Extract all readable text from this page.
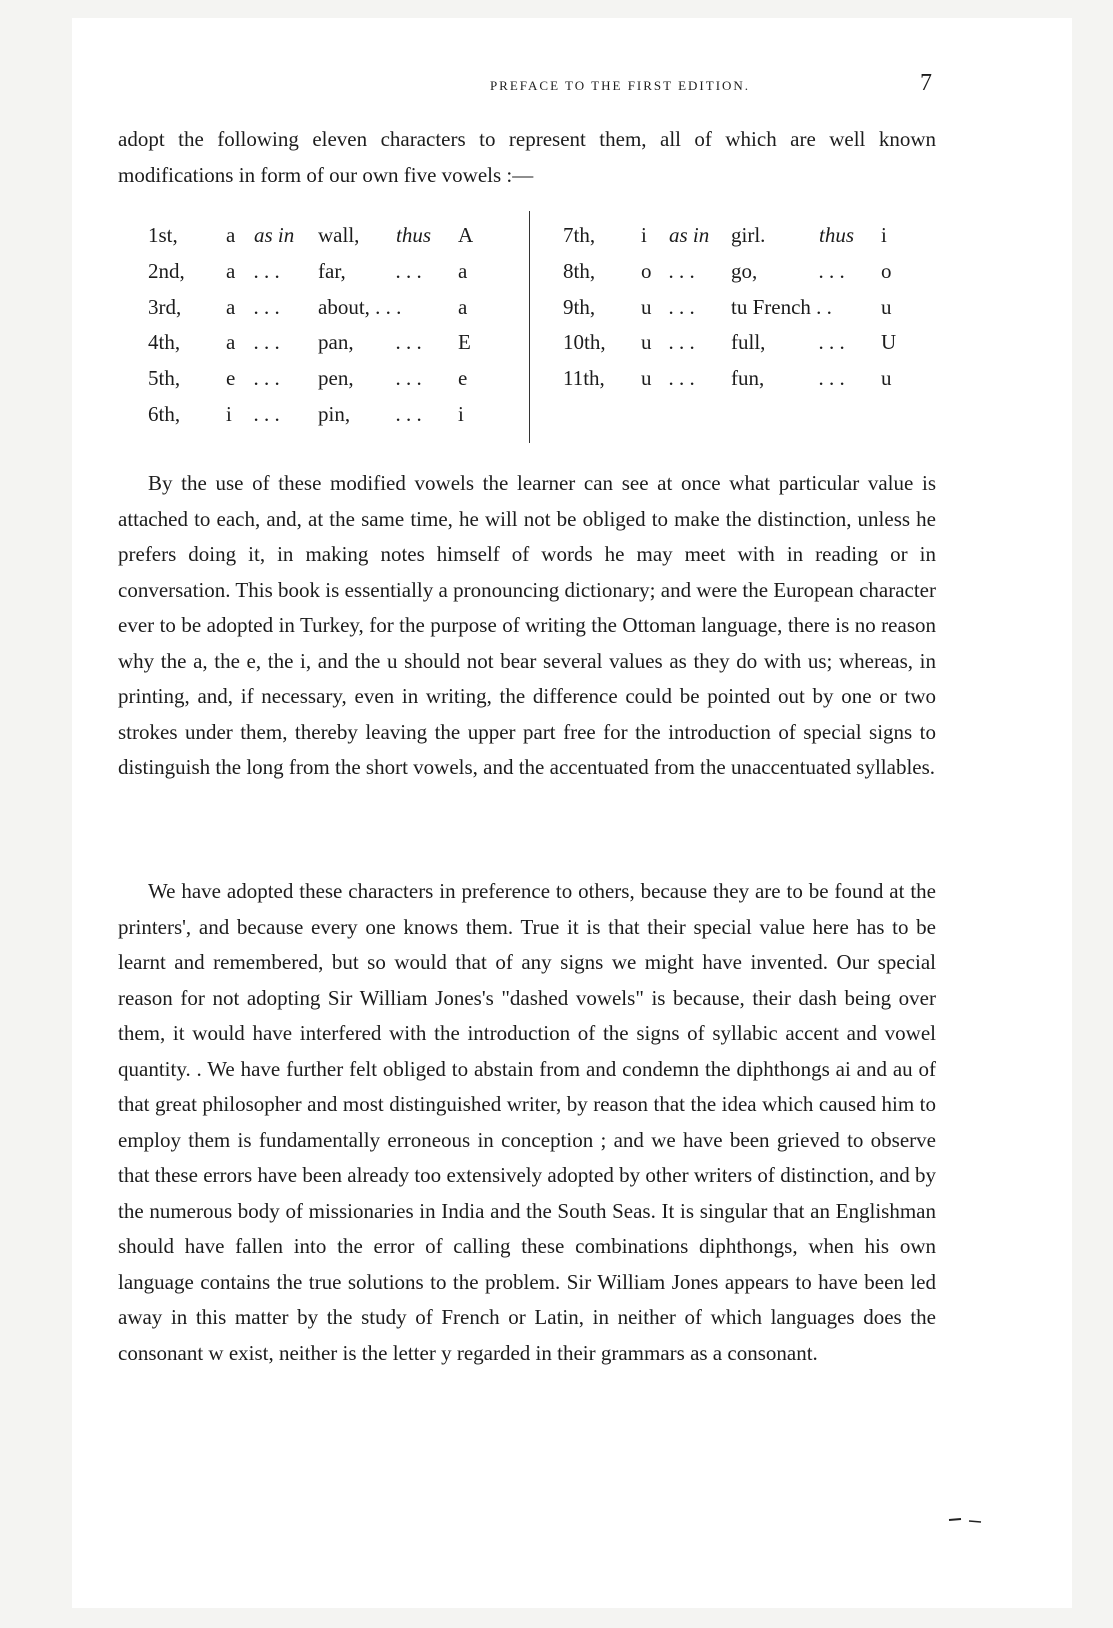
PREFACE TO THE FIRST EDITION.	7

adopt the following eleven characters to represent them, all of which are well known modifications in form of our own five vowels :—

1st, a as in wall, thus A
2nd, a . . . far, . . . a
3rd, a . . . about, . . .	a
4th, a . . . pan, . . . E
5th, e . . . pen, . . . e
6th, i . . . pin, . . . i
7th, i as in girl.	thus i
8th, o . . . go,	. . . o
9th, u . . . tu French . . u
10th, u . . . full,	. . . U
11th, u . . . fun,	. . . u

By the use of these modified vowels the learner can see at once what particular value is attached to each, and, at the same time, he will not be obliged to make the distinction, unless he prefers doing it, in making notes himself of words he may meet with in reading or in conversation. This book is essentially a pronouncing dictionary; and were the European character ever to be adopted in Turkey, for the purpose of writing the Ottoman language, there is no reason why the a, the e, the i, and the u should not bear several values as they do with us; whereas, in printing, and, if necessary, even in writing, the difference could be pointed out by one or two strokes under them, thereby leaving the upper part free for the introduction of special signs to distinguish the long from the short vowels, and the accentuated from the unaccentuated syllables.

We have adopted these characters in preference to others, because they are to be found at the printers', and because every one knows them. True it is that their special value here has to be learnt and remembered, but so would that of any signs we might have invented. Our special reason for not adopting Sir William Jones's "dashed vowels" is because, their dash being over them, it would have interfered with the introduction of the signs of syllabic accent and vowel quantity. . We have further felt obliged to abstain from and condemn the diphthongs ai and au of that great philosopher and most distinguished writer, by reason that the idea which caused him to employ them is fundamentally erroneous in conception ; and we have been grieved to observe that these errors have been already too extensively adopted by other writers of distinction, and by the numerous body of missionaries in India and the South Seas. It is singular that an Englishman should have fallen into the error of calling these combinations diphthongs, when his own language contains the true solutions to the problem. Sir William Jones appears to have been led away in this matter by the study of French or Latin, in neither of which languages does the consonant w exist, neither is the letter y regarded in their grammars as a consonant.
